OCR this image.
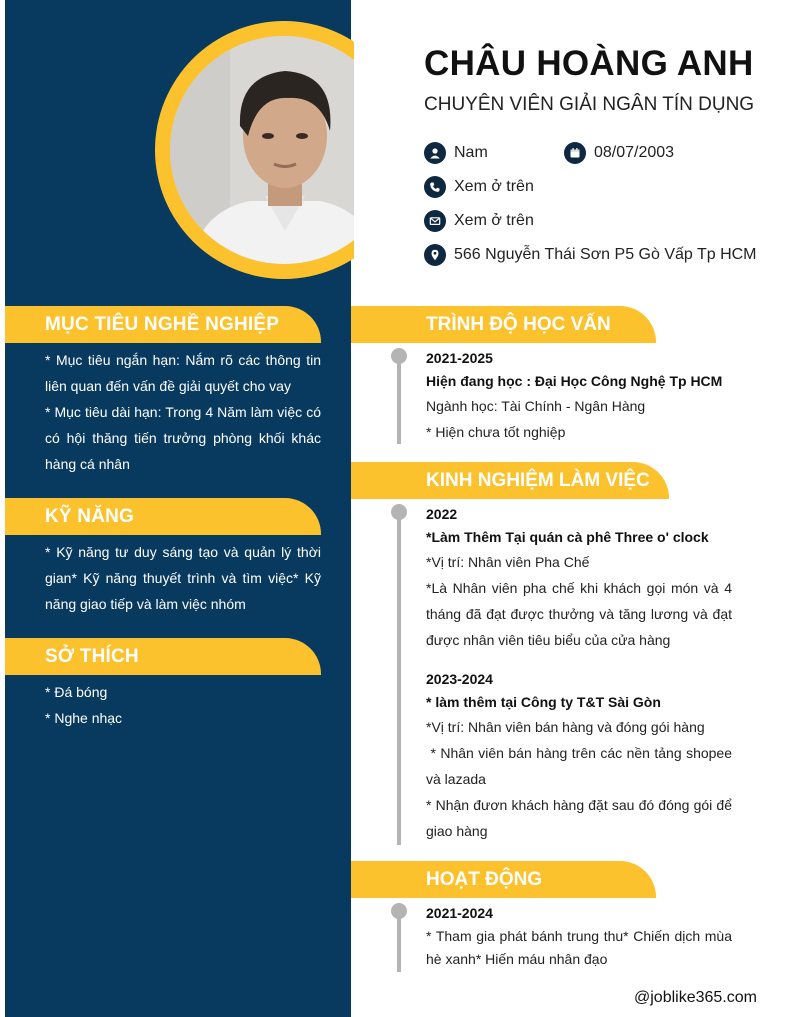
CHÂU HOÀNG ANH
CHUYÊN VIÊN GIẢI NGÂN TÍN DỤNG
Nam	08/07/2003
Xem ở trên
Xem ở trên
566 Nguyễn Thái Sơn P5 Gò Vấp Tp HCM
MỤC TIÊU NGHỀ NGHIỆP
* Mục tiêu ngắn hạn: Nắm rõ các thông tin liên quan đến vấn đề giải quyết cho vay
* Mục tiêu dài hạn: Trong 4 Năm làm việc có có hội thăng tiến trưởng phòng khối khác hàng cá nhân
KỸ NĂNG
* Kỹ năng tư duy sáng tạo và quản lý thời gian* Kỹ năng thuyết trình và tìm việc* Kỹ năng giao tiếp và làm việc nhóm
SỞ THÍCH
* Đá bóng
* Nghe nhạc
TRÌNH ĐỘ HỌC VẤN
2021-2025
Hiện đang học : Đại Học Công Nghệ Tp HCM
Ngành học: Tài Chính - Ngân Hàng
* Hiện chưa tốt nghiệp
KINH NGHIỆM LÀM VIỆC
2022
*Làm Thêm Tại quán cà phê Three o' clock
*Vị trí: Nhân viên Pha Chế
*Là Nhân viên pha chế khi khách gọi món và 4 tháng đã đạt được thưởng và tăng lương và đạt được nhân viên tiêu biểu của cửa hàng
2023-2024
* làm thêm tại Công ty T&T Sài Gòn
*Vị trí: Nhân viên bán hàng và đóng gói hàng
* Nhân viên bán hàng trên các nền tảng shopee và lazada
* Nhận đươn khách hàng đặt sau đó đóng gói để giao hàng
HOẠT ĐỘNG
2021-2024
* Tham gia phát bánh trung thu* Chiến dịch mùa hè xanh* Hiến máu nhân đạo
@joblike365.com
